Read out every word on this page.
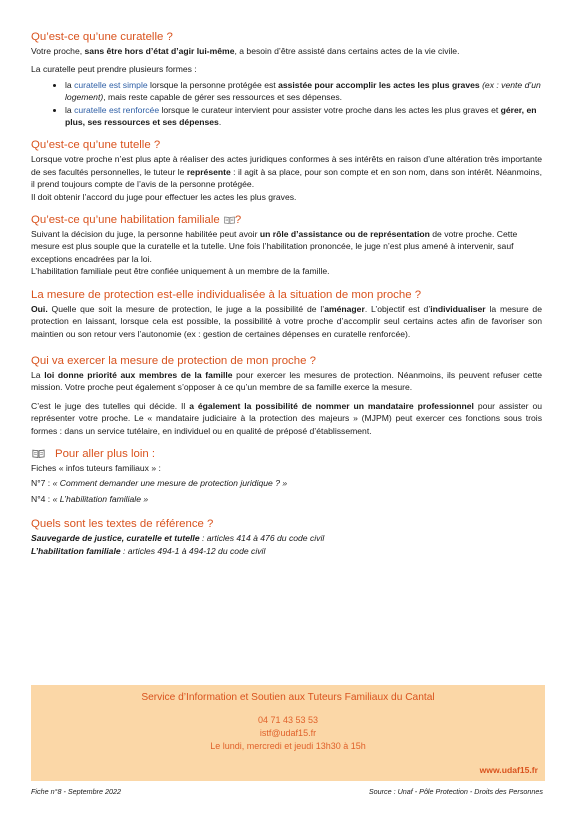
Qu’est-ce qu’une curatelle ?

Votre proche, sans être hors d’état d’agir lui-même, a besoin d’être assisté dans certains actes de la vie civile.

La curatelle peut prendre plusieurs formes :

• la curatelle est simple lorsque la personne protégée est assistée pour accomplir les actes les plus graves (ex : vente d’un logement), mais reste capable de gérer ses ressources et ses dépenses.
• la curatelle est renforcée lorsque le curateur intervient pour assister votre proche dans les actes les plus graves et gérer, en plus, ses ressources et ses dépenses.
Qu’est-ce qu’une tutelle ?

Lorsque votre proche n’est plus apte à réaliser des actes juridiques conformes à ses intérêts en raison d’une altération très importante de ses facultés personnelles, le tuteur le représente : il agit à sa place, pour son compte et en son nom, dans son intérêt. Néanmoins, il prend toujours compte de l’avis de la personne protégée.

Il doit obtenir l’accord du juge pour effectuer les actes les plus graves.

Qu’est-ce qu’une habilitation familiale ?

Suivant la décision du juge, la personne habilitée peut avoir un rôle d’assistance ou de représentation de votre proche. Cette mesure est plus souple que la curatelle et la tutelle. Une fois l’habilitation prononcée, le juge n’est plus amené à intervenir, sauf exceptions encadrées par la loi.

L’habilitation familiale peut être confiée uniquement à un membre de la famille.

La mesure de protection est-elle individualisée à la situation de mon proche ?

Oui. Quelle que soit la mesure de protection, le juge a la possibilité de l’aménager. L’objectif est d’individualiser la mesure de protection en laissant, lorsque cela est possible, la possibilité à votre proche d’accomplir seul certains actes afin de favoriser son maintien ou son retour vers l’autonomie (ex : gestion de certaines dépenses en curatelle renforcée).

Qui va exercer la mesure de protection de mon proche ?

La loi donne priorité aux membres de la famille pour exercer les mesures de protection. Néanmoins, ils peuvent refuser cette mission. Votre proche peut également s’opposer à ce qu’un membre de sa famille exerce la mesure.

C’est le juge des tutelles qui décide. Il a également la possibilité de nommer un mandataire professionnel pour assister ou représenter votre proche. Le « mandataire judiciaire à la protection des majeurs » (MJPM) peut exercer ces fonctions sous trois formes : dans un service tutélaire, en individuel ou en qualité de préposé d’établissement.

Pour aller plus loin :

Fiches « infos tuteurs familiaux » :

N°7 : « Comment demander une mesure de protection juridique ? »

N°4 : « L’habilitation familiale »

Quels sont les textes de référence ?

Sauvegarde de justice, curatelle et tutelle : articles 414 à 476 du code civil

L’habilitation familiale : articles 494-1 à 494-12 du code civil

Service d’Information et Soutien aux Tuteurs Familiaux du Cantal
04 71 43 53 53
istf@udaf15.fr
Le lundi, mercredi et jeudi 13h30 à 15h
www.udaf15.fr
Fiche n°8 - Septembre 2022	Source : Unaf - Pôle Protection - Droits des Personnes
